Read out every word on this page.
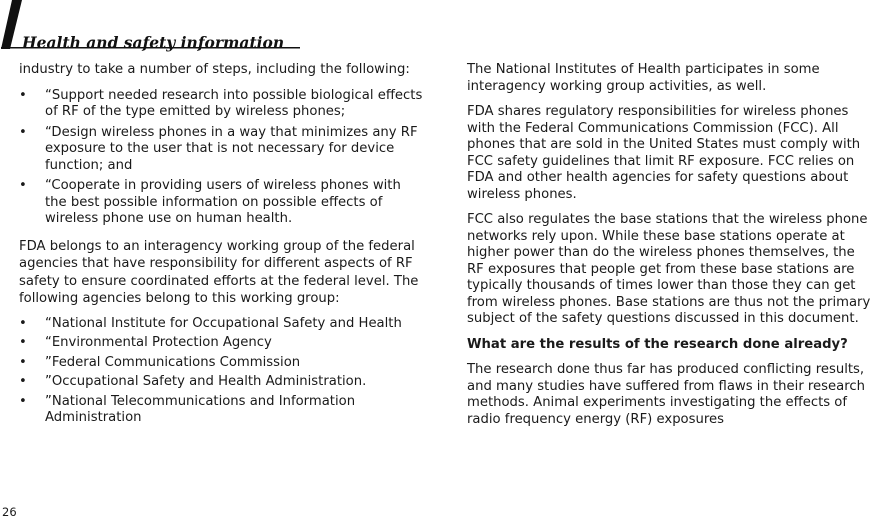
Health and safety information

industry to take a number of steps, including the following:

•	“Support needed research into possible biological effects of RF of the type emitted by wireless phones;
•	“Design wireless phones in a way that minimizes any RF exposure to the user that is not necessary for device function; and
•	“Cooperate in providing users of wireless phones with the best possible information on possible effects of wireless phone use on human health.

FDA belongs to an interagency working group of the federal agencies that have responsibility for different aspects of RF safety to ensure coordinated efforts at the federal level. The following agencies belong to this working group:

•	“National Institute for Occupational Safety and Health
•	“Environmental Protection Agency
•	”Federal Communications Commission
•	”Occupational Safety and Health Administration.
•	”National Telecommunications and Information Administration

The National Institutes of Health participates in some interagency working group activities, as well.

FDA shares regulatory responsibilities for wireless phones with the Federal Communications Commission (FCC). All phones that are sold in the United States must comply with FCC safety guidelines that limit RF exposure. FCC relies on FDA and other health agencies for safety questions about wireless phones.

FCC also regulates the base stations that the wireless phone networks rely upon. While these base stations operate at higher power than do the wireless phones themselves, the RF exposures that people get from these base stations are typically thousands of times lower than those they can get from wireless phones. Base stations are thus not the primary subject of the safety questions discussed in this document.

What are the results of the research done already?

The research done thus far has produced conflicting results, and many studies have suffered from flaws in their research methods. Animal experiments investigating the effects of radio frequency energy (RF) exposures

26
